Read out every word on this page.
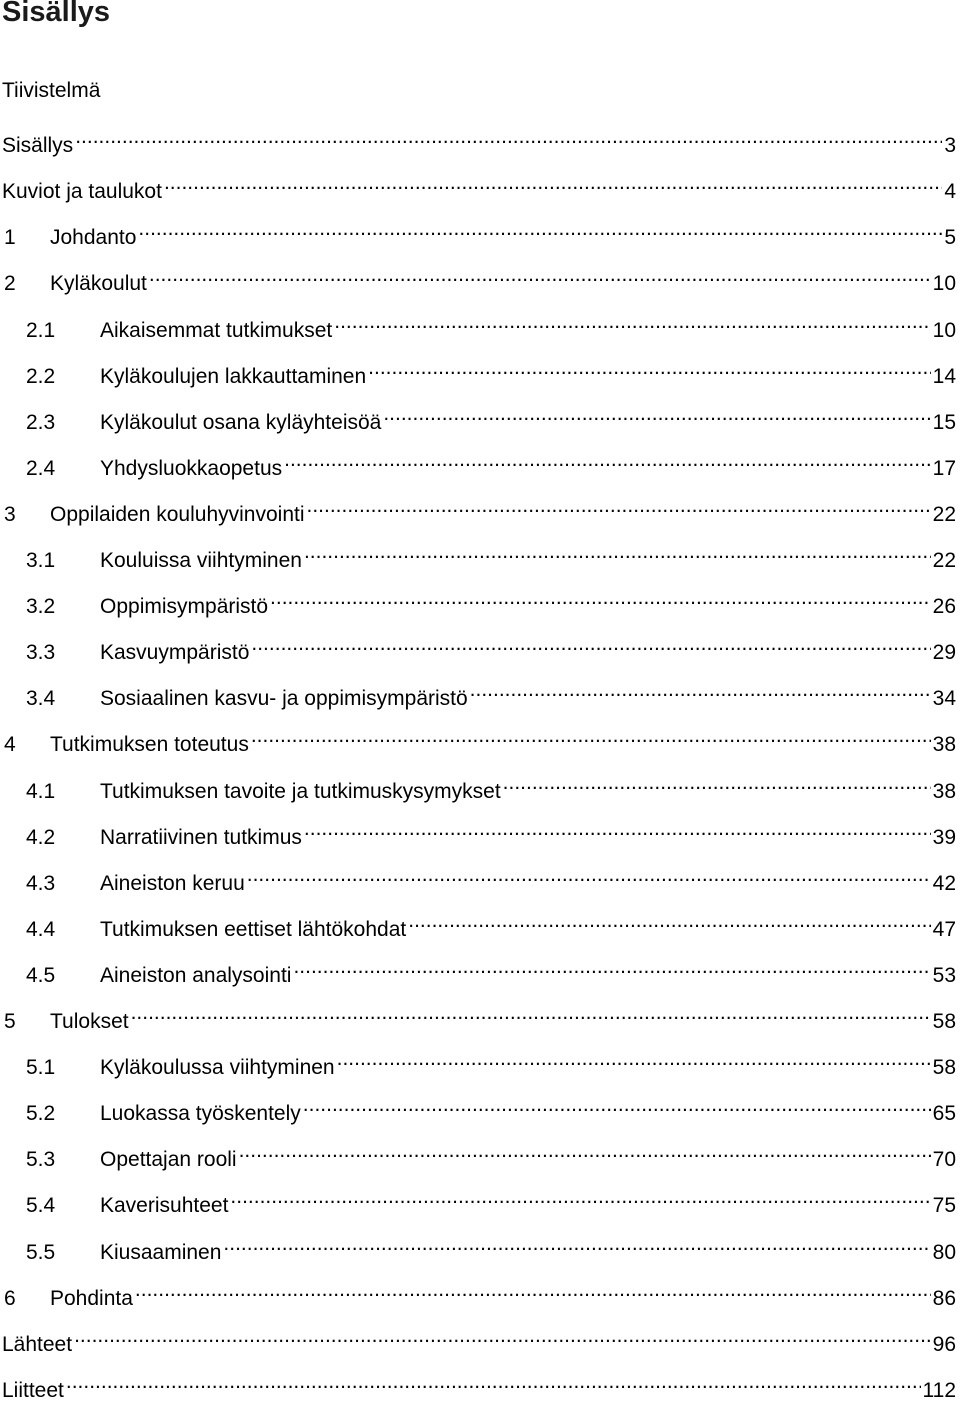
Sisällys
Tiivistelmä
Sisällys .....	3
Kuviot ja taulukot .....	4
1	Johdanto .....	5
2	Kyläkoulut .....	10
2.1	Aikaisemmat tutkimukset .....	10
2.2	Kyläkoulujen lakkauttaminen .....	14
2.3	Kyläkoulut osana kyläyhteisöä .....	15
2.4	Yhdysluokkaopetus .....	17
3	Oppilaiden kouluhyvinvointi .....	22
3.1	Kouluissa viihtyminen .....	22
3.2	Oppimisympäristö .....	26
3.3	Kasvuympäristö .....	29
3.4	Sosiaalinen kasvu- ja oppimisympäristö .....	34
4	Tutkimuksen toteutus .....	38
4.1	Tutkimuksen tavoite ja tutkimuskysymykset .....	38
4.2	Narratiivinen tutkimus .....	39
4.3	Aineiston keruu .....	42
4.4	Tutkimuksen eettiset lähtökohdat .....	47
4.5	Aineiston analysointi .....	53
5	Tulokset .....	58
5.1	Kyläkoulussa viihtyminen .....	58
5.2	Luokassa työskentely .....	65
5.3	Opettajan rooli .....	70
5.4	Kaverisuhteet .....	75
5.5	Kiusaaminen .....	80
6	Pohdinta .....	86
Lähteet .....	96
Liitteet .....	112
